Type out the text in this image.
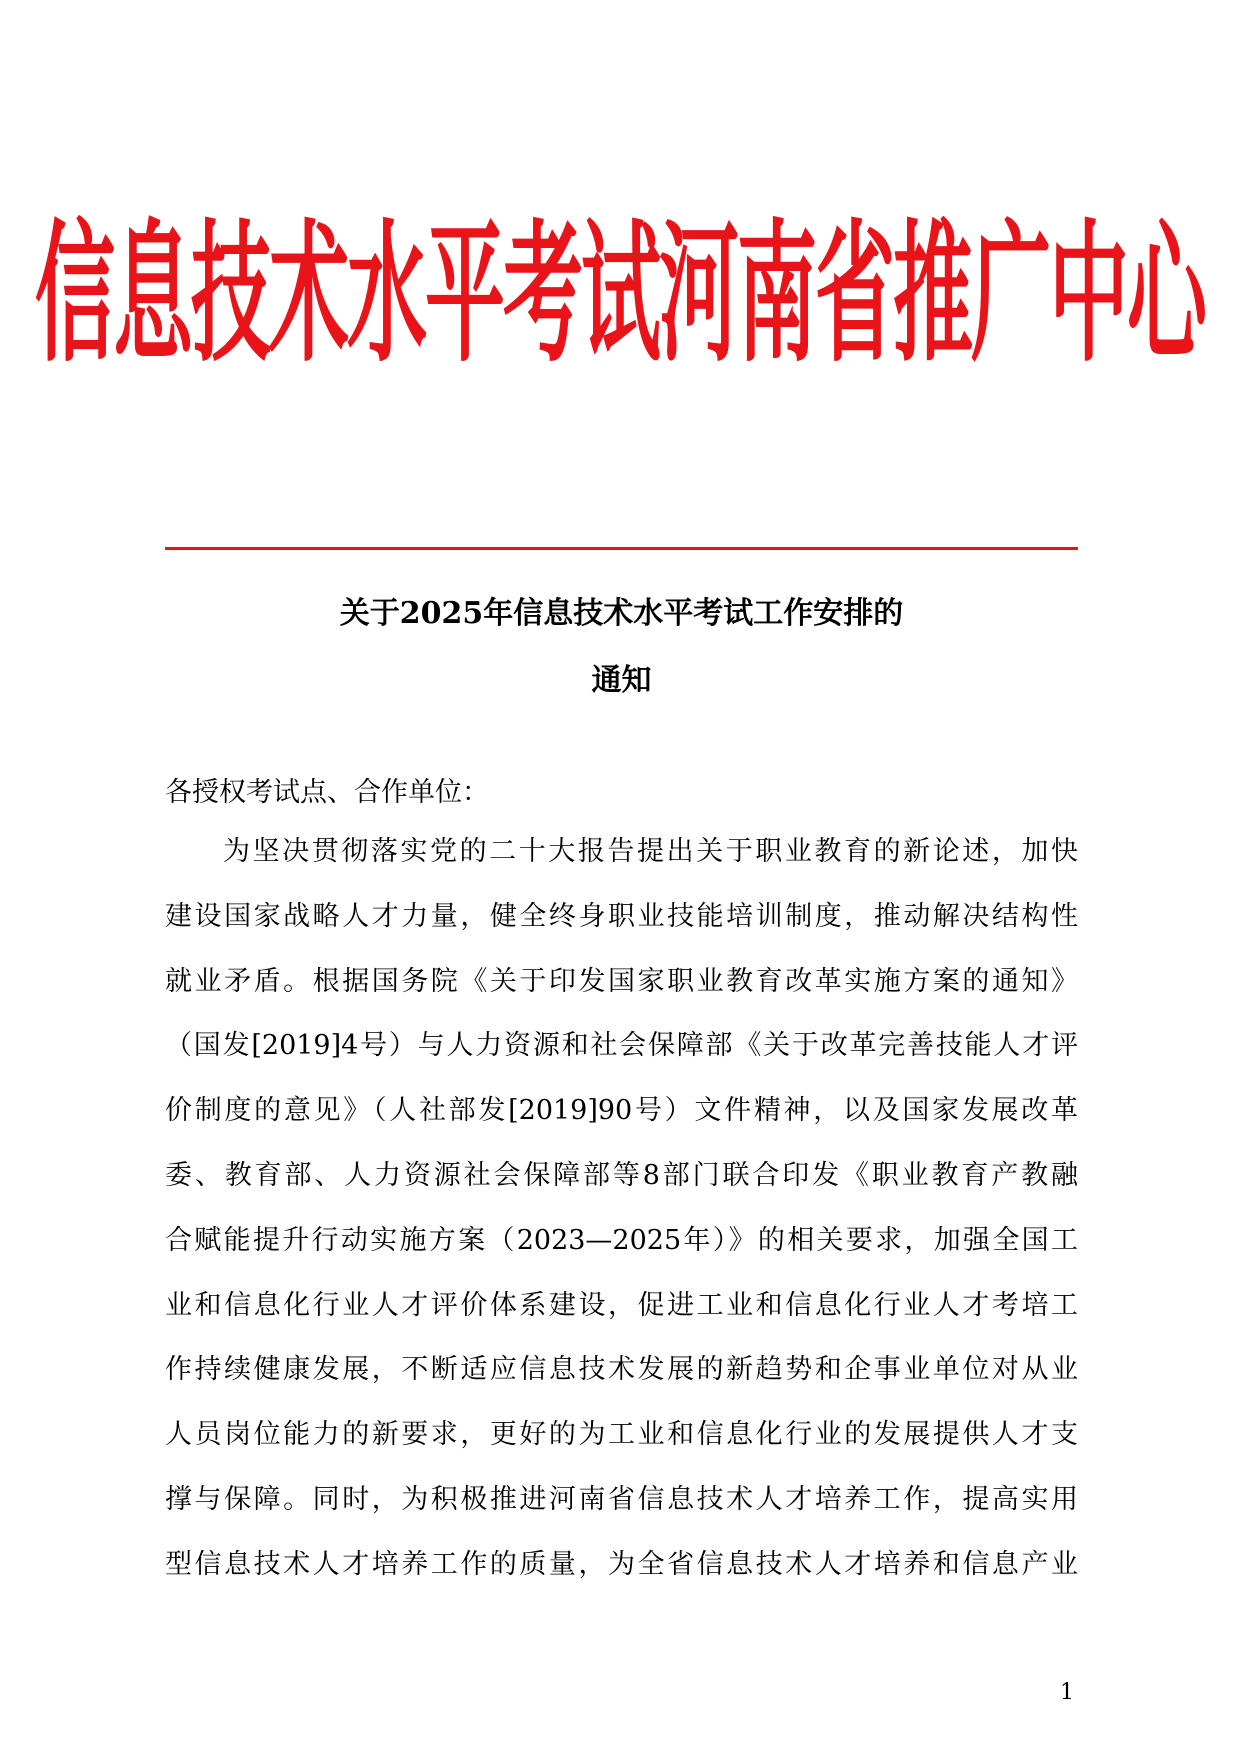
信息技术水平考试河南省推广中心
关于2025年信息技术水平考试工作安排的
通知
各授权考试点、合作单位：
为坚决贯彻落实党的二十大报告提出关于职业教育的新论述，加快
建设国家战略人才力量，健全终身职业技能培训制度，推动解决结构性
就业矛盾。根据国务院《关于印发国家职业教育改革实施方案的通知》
（国发[2019]4号）与人力资源和社会保障部《关于改革完善技能人才评
价制度的意见》（人社部发[2019]90号）文件精神，以及国家发展改革
委、教育部、人力资源社会保障部等8部门联合印发《职业教育产教融
合赋能提升行动实施方案（2023—2025年）》的相关要求，加强全国工
业和信息化行业人才评价体系建设，促进工业和信息化行业人才考培工
作持续健康发展，不断适应信息技术发展的新趋势和企事业单位对从业
人员岗位能力的新要求，更好的为工业和信息化行业的发展提供人才支
撑与保障。同时，为积极推进河南省信息技术人才培养工作，提高实用
型信息技术人才培养工作的质量，为全省信息技术人才培养和信息产业
1
